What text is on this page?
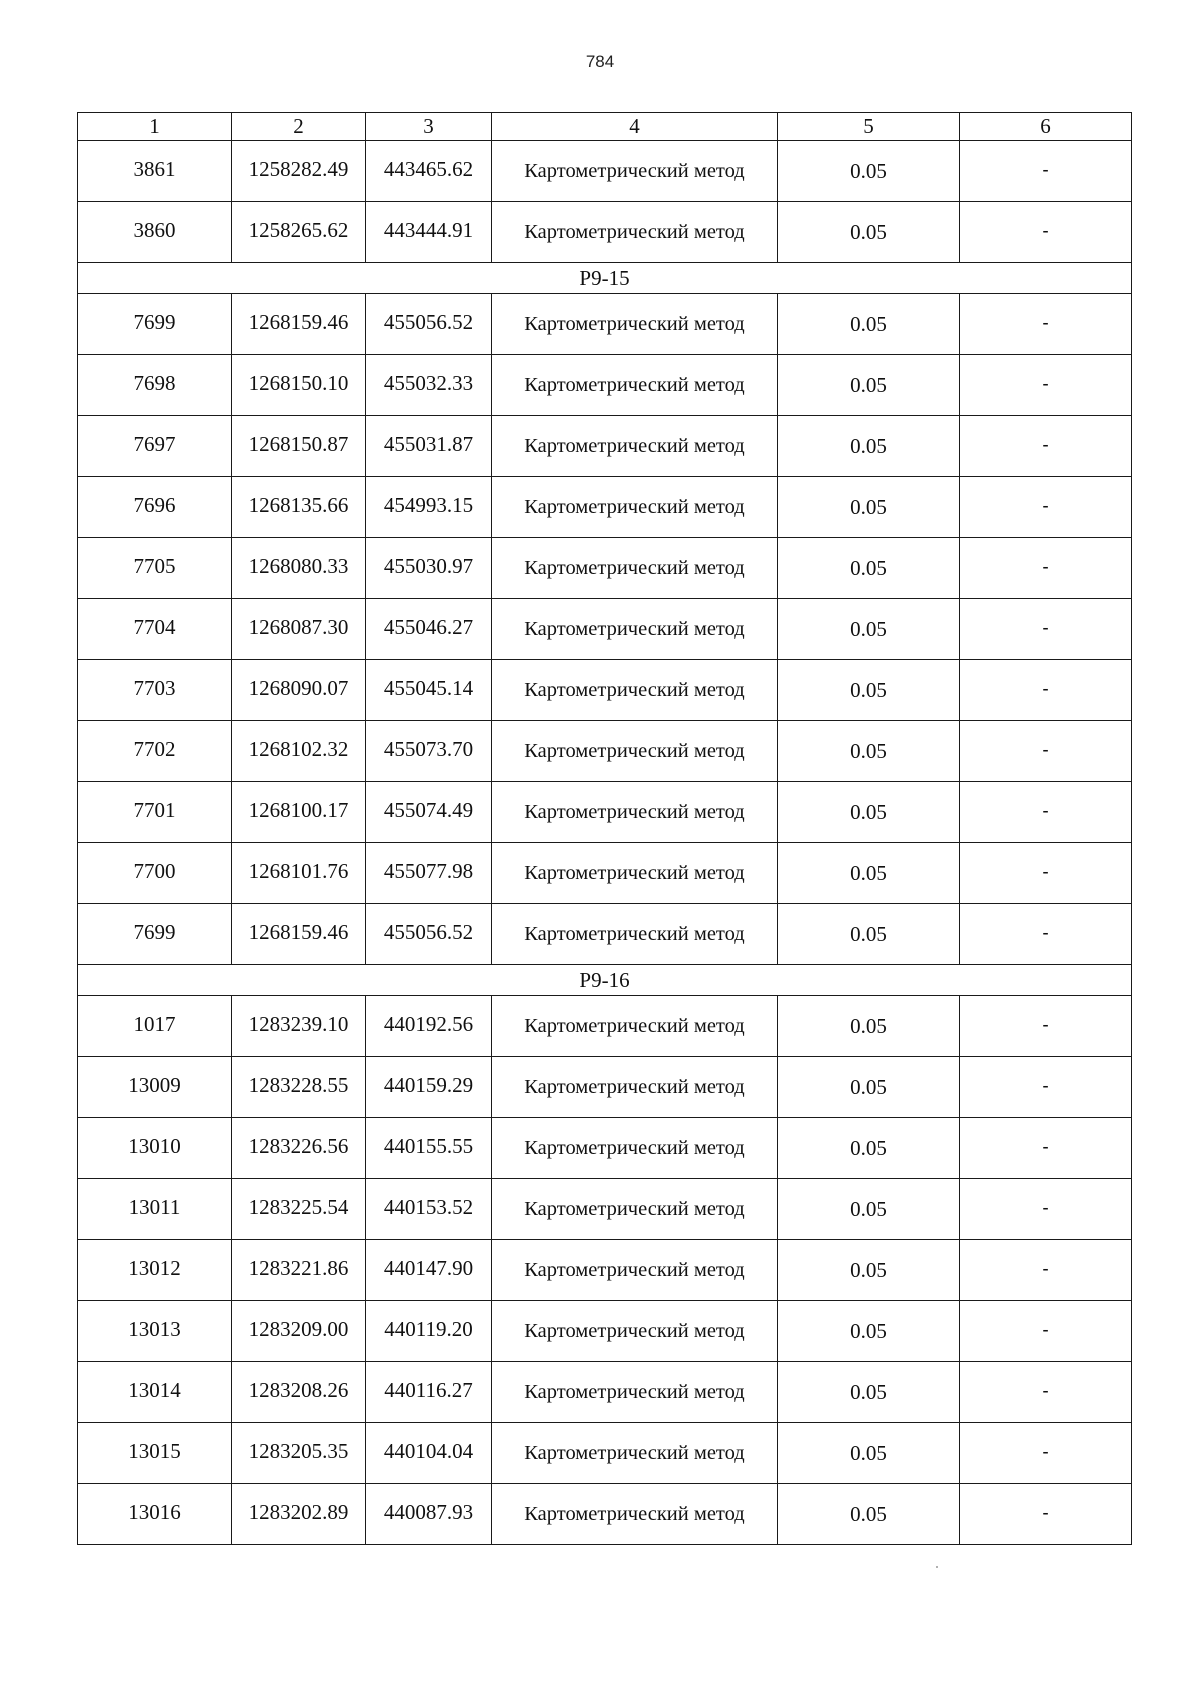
784
1	2	3	4	5	6
3861	1258282.49	443465.62	Картометрический метод	0.05	-
3860	1258265.62	443444.91	Картометрический метод	0.05	-
Р9-15					
7699	1268159.46	455056.52	Картометрический метод	0.05	-
7698	1268150.10	455032.33	Картометрический метод	0.05	-
7697	1268150.87	455031.87	Картометрический метод	0.05	-
7696	1268135.66	454993.15	Картометрический метод	0.05	-
7705	1268080.33	455030.97	Картометрический метод	0.05	-
7704	1268087.30	455046.27	Картометрический метод	0.05	-
7703	1268090.07	455045.14	Картометрический метод	0.05	-
7702	1268102.32	455073.70	Картометрический метод	0.05	-
7701	1268100.17	455074.49	Картометрический метод	0.05	-
7700	1268101.76	455077.98	Картометрический метод	0.05	-
7699	1268159.46	455056.52	Картометрический метод	0.05	-
Р9-16					
1017	1283239.10	440192.56	Картометрический метод	0.05	-
13009	1283228.55	440159.29	Картометрический метод	0.05	-
13010	1283226.56	440155.55	Картометрический метод	0.05	-
13011	1283225.54	440153.52	Картометрический метод	0.05	-
13012	1283221.86	440147.90	Картометрический метод	0.05	-
13013	1283209.00	440119.20	Картометрический метод	0.05	-
13014	1283208.26	440116.27	Картометрический метод	0.05	-
13015	1283205.35	440104.04	Картометрический метод	0.05	-
13016	1283202.89	440087.93	Картометрический метод	0.05	-
